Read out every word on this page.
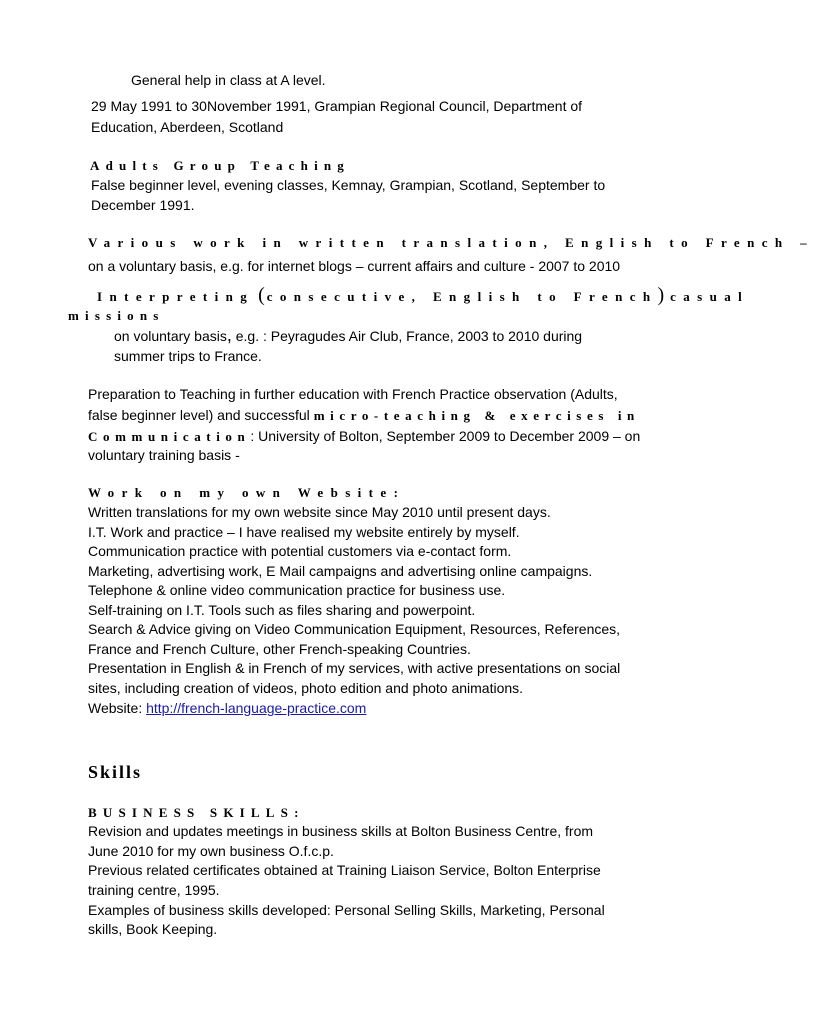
General help in class at A level.
29 May 1991 to 30November 1991, Grampian Regional Council, Department of
Education, Aberdeen, Scotland
Adults Group Teaching
False beginner level, evening classes, Kemnay, Grampian, Scotland, September to
December 1991.
Various work in written translation, English to French –
on a voluntary basis, e.g. for internet blogs – current affairs and culture - 2007 to 2010
Interpreting (consecutive, English to French) casual
missions
on voluntary basis, e.g. : Peyragudes Air Club, France, 2003 to 2010 during
summer trips to France.
Preparation to Teaching in further education with French Practice observation (Adults,
false beginner level) and successful micro-teaching & exercises in
Communication: University of Bolton, September 2009 to December 2009 – on
voluntary training basis -
Work on my own Website:
Written translations for my own website since May 2010 until present days.
I.T. Work and practice – I have realised my website entirely by myself.
Communication practice with potential customers via e-contact form.
Marketing, advertising work, E Mail campaigns and advertising online campaigns.
Telephone & online video communication practice for business use.
Self-training on I.T. Tools such as files sharing and powerpoint.
Search & Advice giving on Video Communication Equipment, Resources, References,
France and French Culture, other French-speaking Countries.
Presentation in English & in French of my services, with active presentations on social
sites, including creation of videos, photo edition and photo animations.
Website: http://french-language-practice.com
Skills
BUSINESS SKILLS:
Revision and updates meetings in business skills at Bolton Business Centre, from
June 2010 for my own business O.f.c.p.
Previous related certificates obtained at Training Liaison Service, Bolton Enterprise
training centre, 1995.
Examples of business skills developed: Personal Selling Skills, Marketing, Personal
skills, Book Keeping.
